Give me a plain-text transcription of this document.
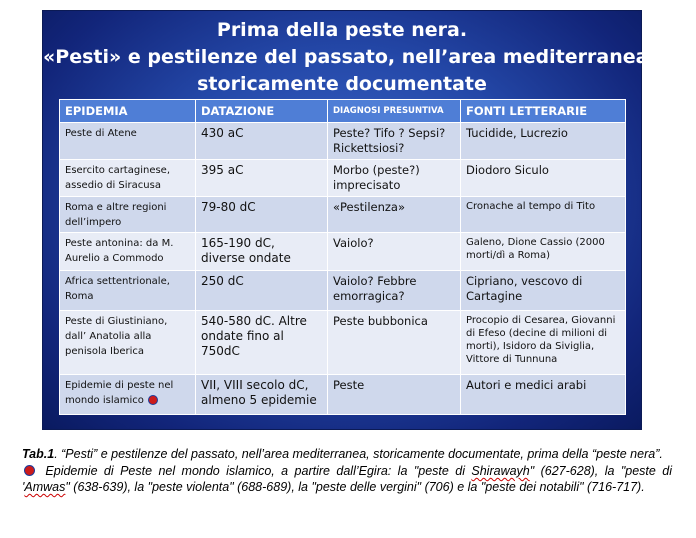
Prima della peste nera.
«Pesti» e pestilenze del passato, nell’area mediterranea,
storicamente documentate
EPIDEMIA	DATAZIONE	DIAGNOSI PRESUNTIVA	FONTI LETTERARIE
Peste di Atene	430 aC	Peste? Tifo ? Sepsi? Rickettsiosi?	Tucidide, Lucrezio
Esercito cartaginese, assedio di Siracusa	395 aC	Morbo (peste?) imprecisato	Diodoro Siculo
Roma e altre regioni dell’impero	79-80 dC	«Pestilenza»	Cronache al tempo di Tito
Peste antonina: da M. Aurelio a Commodo	165-190 dC, diverse ondate	Vaiolo?	Galeno, Dione Cassio (2000 morti/dì a Roma)
Africa settentrionale, Roma	250 dC	Vaiolo? Febbre emorragica?	Cipriano, vescovo di Cartagine
Peste di Giustiniano, dall’ Anatolia alla penisola Iberica	540-580 dC. Altre ondate fino al 750dC	Peste bubbonica	Procopio di Cesarea, Giovanni di Efeso (decine di milioni di morti), Isidoro da Siviglia, Vittore di Tunnuna
Epidemie di peste nel mondo islamico	VII, VIII secolo dC, almeno 5 epidemie	Peste	Autori e medici arabi

Tab.1. “Pesti” e pestilenze del passato, nell’area mediterranea, storicamente documentate, prima della “peste nera”.

Epidemie di Peste nel mondo islamico, a partire dall’Egira: la "peste di Shirawayh" (627-628), la "peste di 'Amwas" (638-639), la "peste violenta" (688-689), la "peste delle vergini" (706) e la "peste dei notabili" (716-717).
